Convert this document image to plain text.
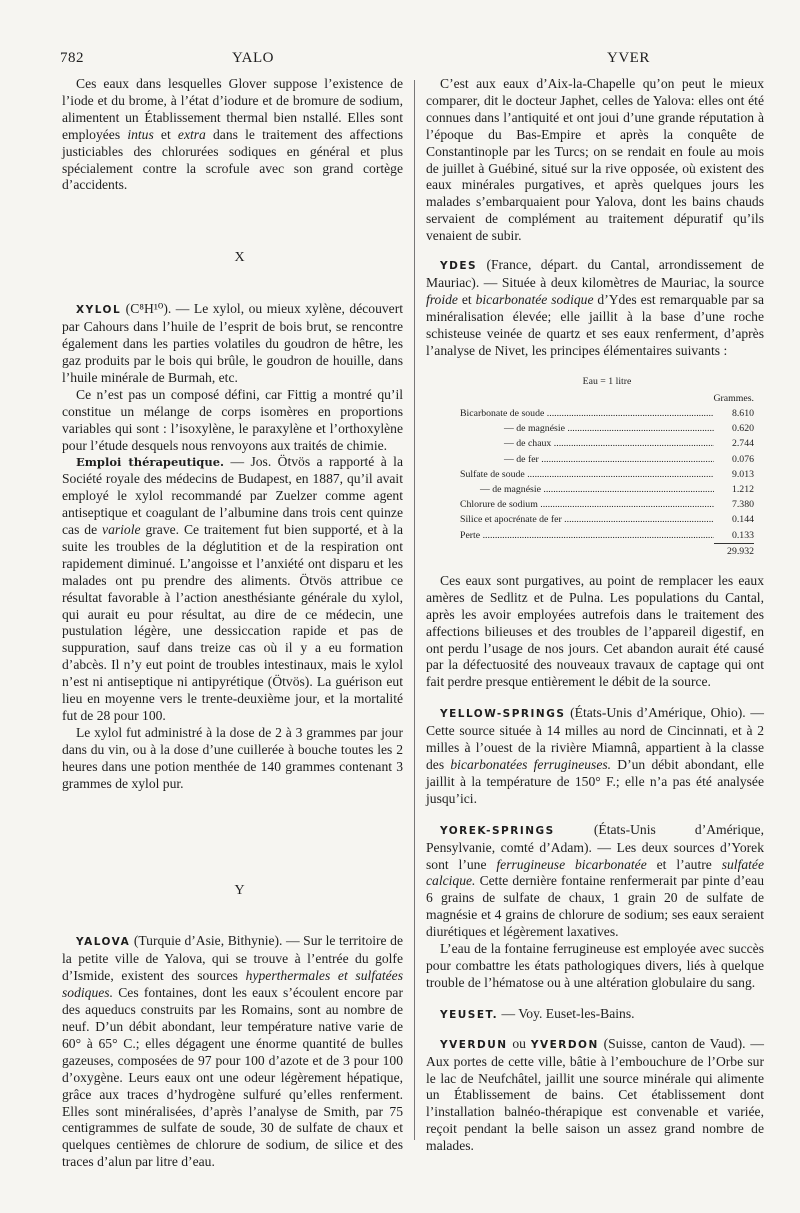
782	YALO	YVER

Ces eaux dans lesquelles Glover suppose l’existence de l’iode et du brome, à l’état d’iodure et de bromure de sodium, alimentent un Établissement thermal bien nstallé. Elles sont employées intus et extra dans le traitement des affections justiciables des chlorurées sodiques en général et plus spécialement contre la scrofule avec son grand cortège d’accidents.

X

XYLOL (C⁸H¹⁰). — Le xylol, ou mieux xylène, découvert par Cahours dans l’huile de l’esprit de bois brut, se rencontre également dans les parties volatiles du goudron de hêtre, les gaz produits par le bois qui brûle, le goudron de houille, dans l’huile minérale de Burmah, etc.

Ce n’est pas un composé défini, car Fittig a montré qu’il constitue un mélange de corps isomères en proportions variables qui sont : l’isoxylène, le paraxylène et l’orthoxylène pour l’étude desquels nous renvoyons aux traités de chimie.

Emploi thérapeutique. — Jos. Ötvös a rapporté à la Société royale des médecins de Budapest, en 1887, qu’il avait employé le xylol recommandé par Zuelzer comme agent antiseptique et coagulant de l’albumine dans trois cent quinze cas de variole grave. Ce traitement fut bien supporté, et à la suite les troubles de la déglutition et de la respiration ont rapidement diminué. L’angoisse et l’anxiété ont disparu et les malades ont pu prendre des aliments. Ötvös attribue ce résultat favorable à l’action anesthésiante générale du xylol, qui aurait eu pour résultat, au dire de ce médecin, une pustulation légère, une dessiccation rapide et pas de suppuration, sauf dans treize cas où il y a eu formation d’abcès. Il n’y eut point de troubles intestinaux, mais le xylol n’est ni antiseptique ni antipyrétique (Ötvös). La guérison eut lieu en moyenne vers le trente-deuxième jour, et la mortalité fut de 28 pour 100.

Le xylol fut administré à la dose de 2 à 3 grammes par jour dans du vin, ou à la dose d’une cuillerée à bouche toutes les 2 heures dans une potion menthée de 140 grammes contenant 3 grammes de xylol pur.

Y

YALOVA (Turquie d’Asie, Bithynie). — Sur le territoire de la petite ville de Yalova, qui se trouve à l’entrée du golfe d’Ismide, existent des sources hyperthermales et sulfatées sodiques. Ces fontaines, dont les eaux s’écoulent encore par des aqueducs construits par les Romains, sont au nombre de neuf. D’un débit abondant, leur température native varie de 60° à 65° C.; elles dégagent une énorme quantité de bulles gazeuses, composées de 97 pour 100 d’azote et de 3 pour 100 d’oxygène. Leurs eaux ont une odeur légèrement hépatique, grâce aux traces d’hydrogène sulfuré qu’elles renferment. Elles sont minéralisées, d’après l’analyse de Smith, par 75 centigrammes de sulfate de soude, 30 de sulfate de chaux et quelques centièmes de chlorure de sodium, de silice et des traces d’alun par litre d’eau.

C’est aux eaux d’Aix-la-Chapelle qu’on peut le mieux comparer, dit le docteur Japhet, celles de Yalova: elles ont été connues dans l’antiquité et ont joui d’une grande réputation à l’époque du Bas-Empire et après la conquête de Constantinople par les Turcs; on se rendait en foule au mois de juillet à Guébiné, situé sur la rive opposée, où existent des eaux minérales purgatives, et après quelques jours les malades s’embarquaient pour Yalova, dont les bains chauds servaient de complément au traitement dépuratif qu’ils venaient de subir.

YDES (France, départ. du Cantal, arrondissement de Mauriac). — Située à deux kilomètres de Mauriac, la source froide et bicarbonatée sodique d’Ydes est remarquable par sa minéralisation élevée; elle jaillit à la base d’une roche schisteuse veinée de quartz et ses eaux renferment, d’après l’analyse de Nivet, les principes élémentaires suivants :

Eau = 1 litre
Grammes.
Bicarbonate de soude .....	8.610
— de magnésie .....	0.620
— de chaux .....	2.744
— de fer .....	0.076
Sulfate de soude .....	9.013
— de magnésie .....	1.212
Chlorure de sodium .....	7.380
Silice et apocrénate de fer .....	0.144
Perte .....	0.133
29.932

Ces eaux sont purgatives, au point de remplacer les eaux amères de Sedlitz et de Pulna. Les populations du Cantal, après les avoir employées autrefois dans le traitement des affections bilieuses et des troubles de l’appareil digestif, en ont perdu l’usage de nos jours. Cet abandon aurait été causé par la défectuosité des nouveaux travaux de captage qui ont fait perdre presque entièrement le débit de la source.

YELLOW-SPRINGS (États-Unis d’Amérique, Ohio). — Cette source située à 14 milles au nord de Cincinnati, et à 2 milles à l’ouest de la rivière Miamnâ, appartient à la classe des bicarbonatées ferrugineuses. D’un débit abondant, elle jaillit à la température de 150° F.; elle n’a pas été analysée jusqu’ici.

YOREK-SPRINGS (États-Unis d’Amérique, Pensylvanie, comté d’Adam). — Les deux sources d’Yorek sont l’une ferrugineuse bicarbonatée et l’autre sulfatée calcique. Cette dernière fontaine renfermerait par pinte d’eau 6 grains de sulfate de chaux, 1 grain 20 de sulfate de magnésie et 4 grains de chlorure de sodium; ses eaux seraient diurétiques et légèrement laxatives.

L’eau de la fontaine ferrugineuse est employée avec succès pour combattre les états pathologiques divers, liés à quelque trouble de l’hématose ou à une altération globulaire du sang.

YEUSET. — Voy. Euset-les-Bains.

YVERDUN ou YVERDON (Suisse, canton de Vaud). — Aux portes de cette ville, bâtie à l’embouchure de l’Orbe sur le lac de Neufchâtel, jaillit une source minérale qui alimente un Établissement de bains. Cet établissement dont l’installation balnéo-thérapique est convenable et variée, reçoit pendant la belle saison un assez grand nombre de malades.
